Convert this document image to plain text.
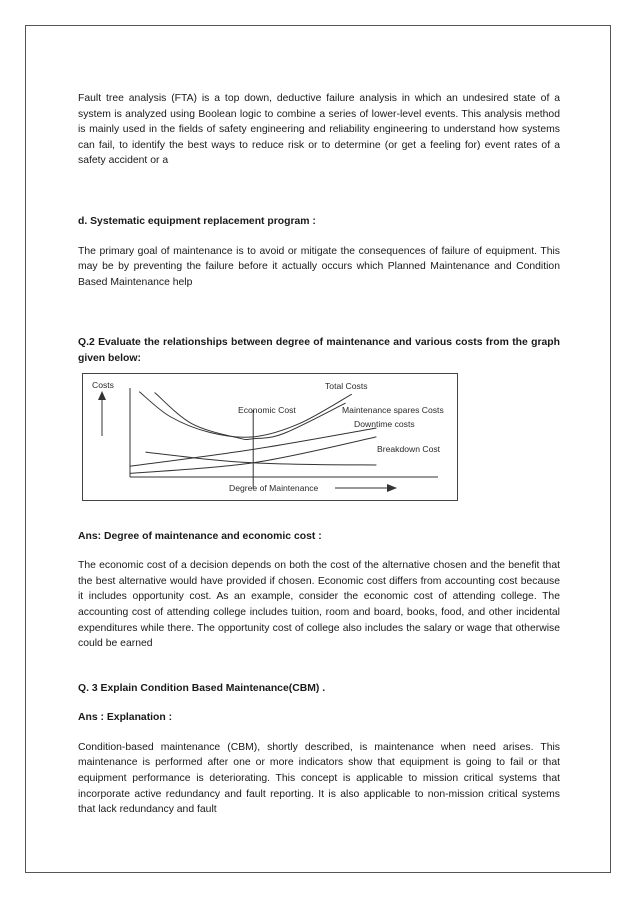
Fault tree analysis (FTA) is a top down, deductive failure analysis in which an undesired state of a system is analyzed using Boolean logic to combine a series of lower-level events. This analysis method is mainly used in the fields of safety engineering and reliability engineering to understand how systems can fail, to identify the best ways to reduce risk or to determine (or get a feeling for) event rates of a safety accident or a

d. Systematic equipment replacement program :

The primary goal of maintenance is to avoid or mitigate the consequences of failure of equipment. This may be by preventing the failure before it actually occurs which Planned Maintenance and Condition Based Maintenance help

Q.2 Evaluate the relationships between degree of maintenance and various costs from the graph given below:

Ans: Degree of maintenance and economic cost :

The economic cost of a decision depends on both the cost of the alternative chosen and the benefit that the best alternative would have provided if chosen. Economic cost differs from accounting cost because it includes opportunity cost. As an example, consider the economic cost of attending college. The accounting cost of attending college includes tuition, room and board, books, food, and other incidental expenditures while there. The opportunity cost of college also includes the salary or wage that otherwise could be earned

Q. 3 Explain Condition Based Maintenance(CBM) .

Ans : Explanation :

Condition-based maintenance (CBM), shortly described, is maintenance when need arises. This maintenance is performed after one or more indicators show that equipment is going to fail or that equipment performance is deteriorating. This concept is applicable to mission critical systems that incorporate active redundancy and fault reporting. It is also applicable to non-mission critical systems that lack redundancy and fault

Costs
Degree of Maintenance
Total Costs
Economic Cost	Maintenance spares Costs
Downtime costs
Breakdown Cost
